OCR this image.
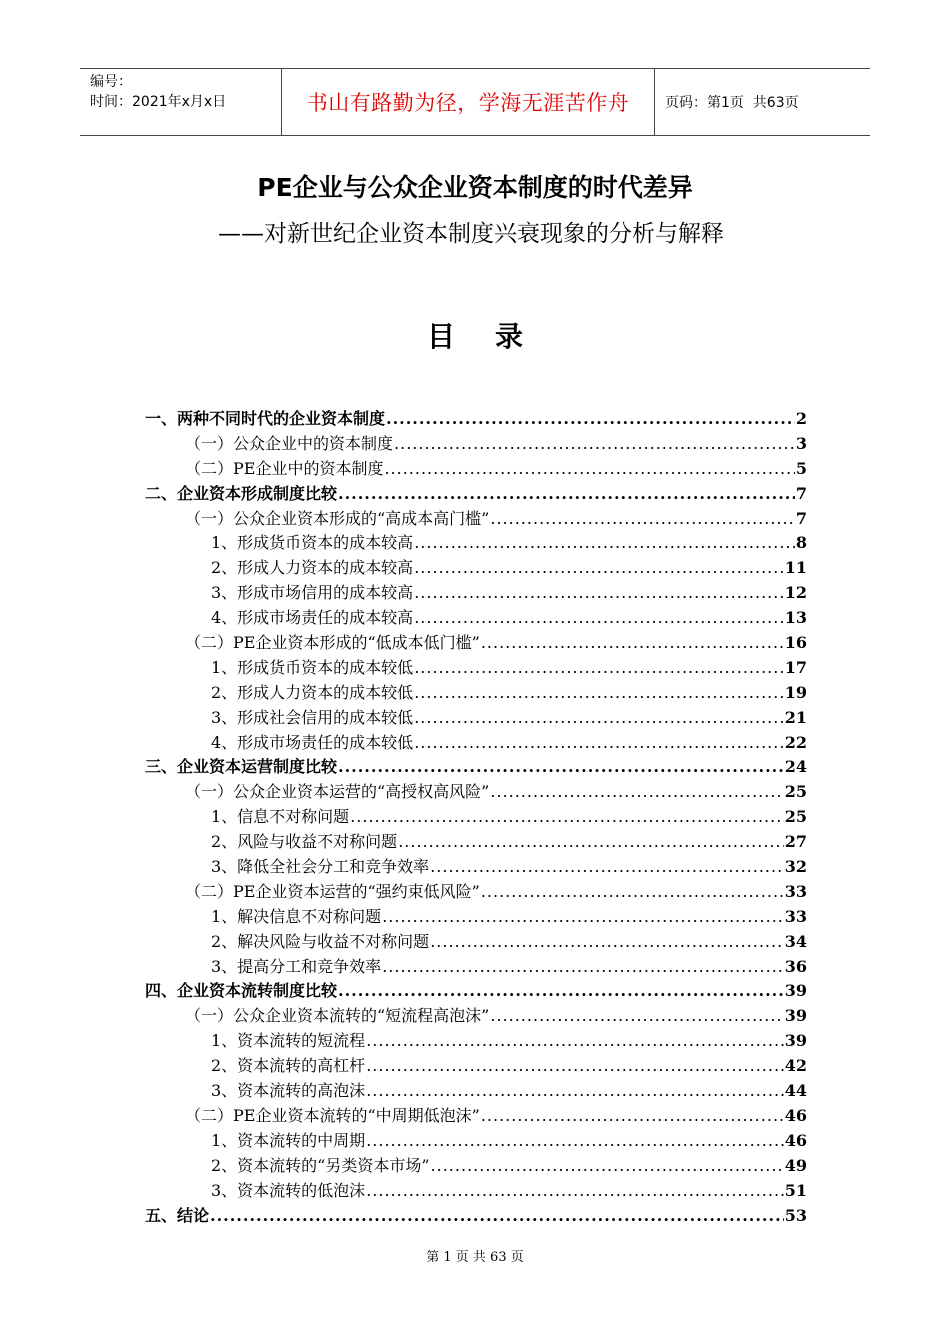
编号：
时间：2021年x月x日	书山有路勤为径，学海无涯苦作舟	页码：第1页  共63页
PE企业与公众企业资本制度的时代差异
——对新世纪企业资本制度兴衰现象的分析与解释
目录
一、两种不同时代的企业资本制度 .....	2
（一）公众企业中的资本制度 .....	3
（二）PE企业中的资本制度 .....	5
二、企业资本形成制度比较 .....	7
（一）公众企业资本形成的“高成本高门槛” .....	7
1、形成货币资本的成本较高 .....	8
2、形成人力资本的成本较高 .....	11
3、形成市场信用的成本较高 .....	12
4、形成市场责任的成本较高 .....	13
（二）PE企业资本形成的“低成本低门槛” .....	16
1、形成货币资本的成本较低 .....	17
2、形成人力资本的成本较低 .....	19
3、形成社会信用的成本较低 .....	21
4、形成市场责任的成本较低 .....	22
三、企业资本运营制度比较 .....	24
（一）公众企业资本运营的“高授权高风险” .....	25
1、信息不对称问题 .....	25
2、风险与收益不对称问题 .....	27
3、降低全社会分工和竞争效率 .....	32
（二）PE企业资本运营的“强约束低风险” .....	33
1、解决信息不对称问题 .....	33
2、解决风险与收益不对称问题 .....	34
3、提高分工和竞争效率 .....	36
四、企业资本流转制度比较 .....	39
（一）公众企业资本流转的“短流程高泡沫” .....	39
1、资本流转的短流程 .....	39
2、资本流转的高杠杆 .....	42
3、资本流转的高泡沫 .....	44
（二）PE企业资本流转的“中周期低泡沫” .....	46
1、资本流转的中周期 .....	46
2、资本流转的“另类资本市场” .....	49
3、资本流转的低泡沫 .....	51
五、结论 .....	53
第 1 页 共 63 页
